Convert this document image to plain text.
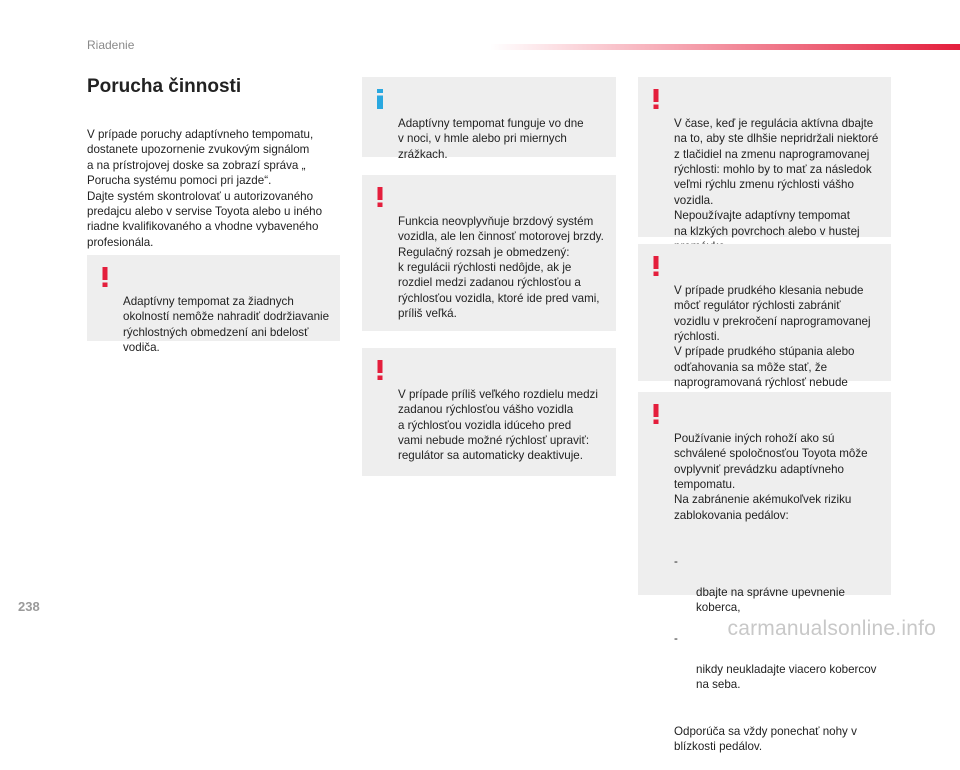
Riadenie
Porucha činnosti
V prípade poruchy adaptívneho tempomatu,
dostanete upozornenie zvukovým signálom
a na prístrojovej doske sa zobrazí správa „
Porucha systému pomoci pri jazde“.
Dajte systém skontrolovať u autorizovaného
predajcu alebo v servise Toyota alebo u iného
riadne kvalifikovaného a vhodne vybaveného
profesionála.

Adaptívny tempomat za žiadnych
okolností nemôže nahradiť dodržiavanie
rýchlostných obmedzení ani bdelosť
vodiča.

Adaptívny tempomat funguje vo dne
v noci, v hmle alebo pri miernych
zrážkach.

Funkcia neovplyvňuje brzdový systém
vozidla, ale len činnosť motorovej brzdy.
Regulačný rozsah je obmedzený:
k regulácii rýchlosti nedôjde, ak je
rozdiel medzi zadanou rýchlosťou a
rýchlosťou vozidla, ktoré ide pred vami,
príliš veľká.

V prípade príliš veľkého rozdielu medzi
zadanou rýchlosťou vášho vozidla
a rýchlosťou vozidla idúceho pred
vami nebude možné rýchlosť upraviť:
regulátor sa automaticky deaktivuje.

V čase, keď je regulácia aktívna dbajte
na to, aby ste dlhšie nepridržali niektoré
z tlačidiel na zmenu naprogramovanej
rýchlosti: mohlo by to mať za následok
veľmi rýchlu zmenu rýchlosti vášho
vozidla.
Nepoužívajte adaptívny tempomat
na klzkých povrchoch alebo v hustej

V prípade prudkého klesania nebude
môcť regulátor rýchlosti zabrániť
vozidlu v prekročení naprogramovanej
rýchlosti.
V prípade prudkého stúpania alebo
odťahovania sa môže stať, že
naprogramovaná rýchlosť nebude

Používanie iných rohoží ako sú
schválené spoločnosťou Toyota môže
ovplyvniť prevádzku adaptívneho
tempomatu.
Na zabránenie akémukoľvek riziku
zablokovania pedálov:

-

dbajte na správne upevnenie
koberca,

-

nikdy neukladajte viacero kobercov
na seba.

Odporúča sa vždy ponechať nohy v
blízkosti pedálov.

238
carmanualsonline.info
